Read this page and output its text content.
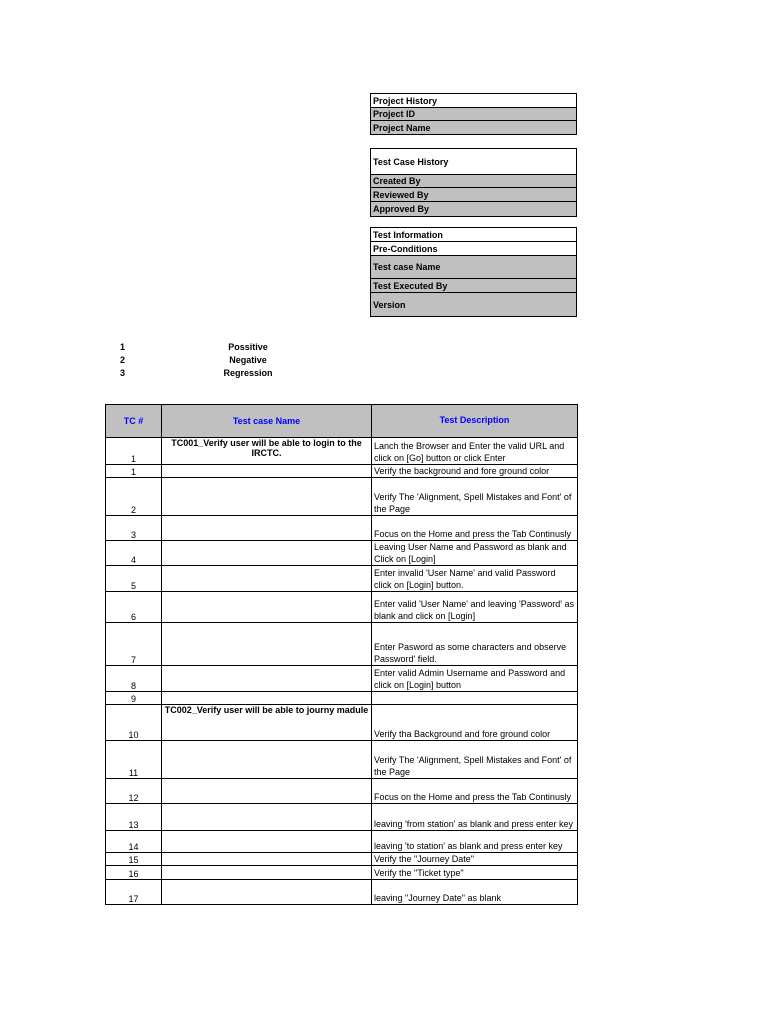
Project History
Project ID
Project Name
Test Case History
Created By
Reviewed By
Approved By
Test Information
Pre-Conditions
Test case Name
Test Executed By
Version
1	Possitive
2	Negative
3	Regression
TC #	Test case Name	Test Description
1	TC001_Verify user will be able to login to the IRCTC.	Lanch the Browser and Enter the valid URL and click on [Go] button or click Enter
1		Verify the background and fore ground color
2		Verify The 'Alignment, Spell Mistakes and Font' of the Page
3		Focus on the Home and press the Tab Continusly
4		Leaving User Name and Password as blank and Click on [Login]
5		Enter invalid 'User Name' and valid Password click on [Login] button.
6		Enter valid 'User Name' and leaving 'Password' as blank and click on [Login]
7		Enter Pasword as some characters and observe Password' field.
8		Enter valid Admin Username and Password and click on [Login] button
9		
10	TC002_Verify user will be able to journy madule	Verify tha Background and fore ground color
11		Verify The 'Alignment, Spell Mistakes and Font' of the Page
12		Focus on the Home and press the Tab Continusly
13		leaving 'from station' as blank and press enter key
14		leaving 'to station' as blank and press enter key
15		Verify the "Journey Date"
16		Verify the "Ticket type"
17		leaving "Journey Date" as blank
